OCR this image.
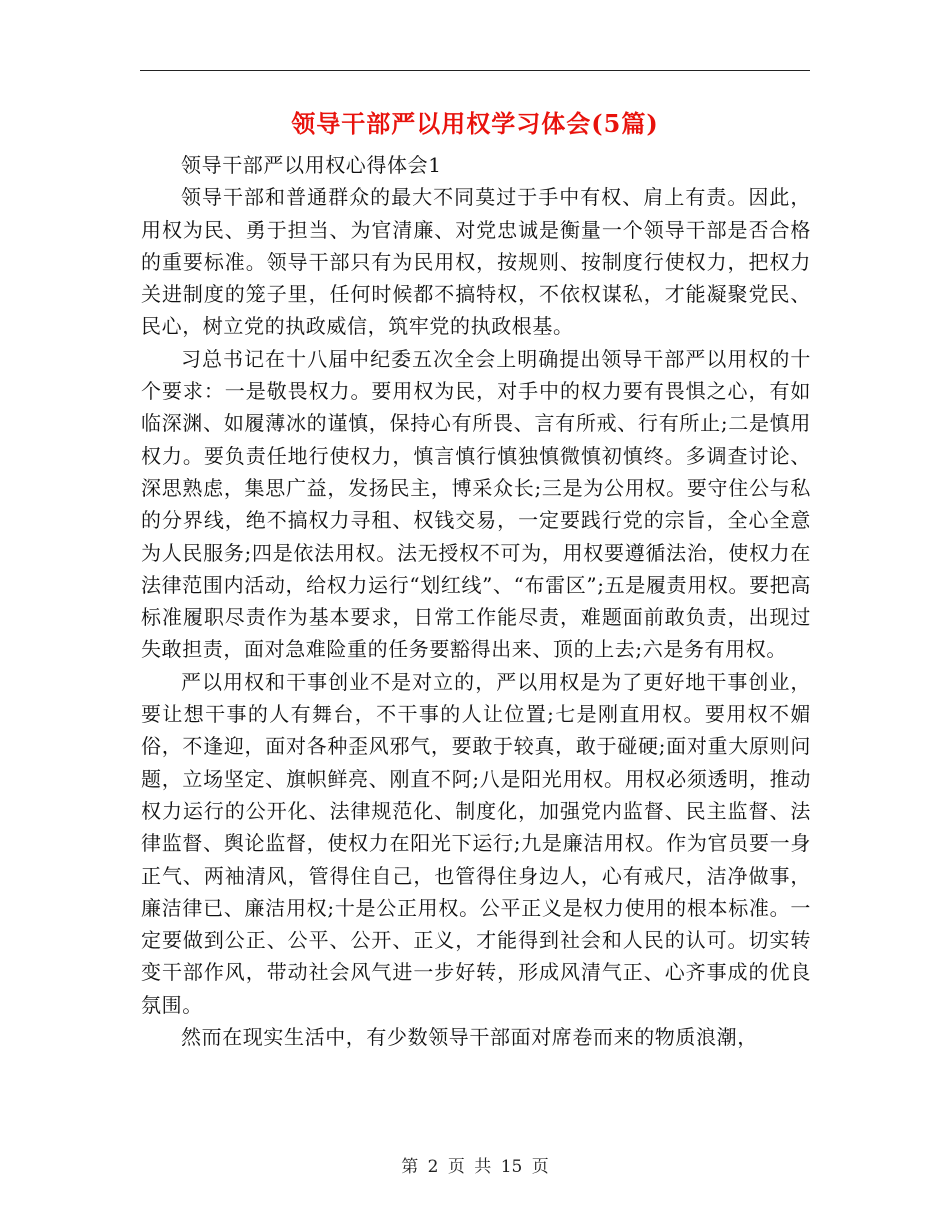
领导干部严以用权学习体会(5篇)

领导干部严以用权心得体会1

领导干部和普通群众的最大不同莫过于手中有权、肩上有责。因此，用权为民、勇于担当、为官清廉、对党忠诚是衡量一个领导干部是否合格的重要标准。领导干部只有为民用权，按规则、按制度行使权力，把权力关进制度的笼子里，任何时候都不搞特权，不依权谋私，才能凝聚党民、民心，树立党的执政威信，筑牢党的执政根基。

习总书记在十八届中纪委五次全会上明确提出领导干部严以用权的十个要求：一是敬畏权力。要用权为民，对手中的权力要有畏惧之心，有如临深渊、如履薄冰的谨慎，保持心有所畏、言有所戒、行有所止;二是慎用权力。要负责任地行使权力，慎言慎行慎独慎微慎初慎终。多调查讨论、深思熟虑，集思广益，发扬民主，博采众长;三是为公用权。要守住公与私的分界线，绝不搞权力寻租、权钱交易，一定要践行党的宗旨，全心全意为人民服务;四是依法用权。法无授权不可为，用权要遵循法治，使权力在法律范围内活动，给权力运行“划红线”、“布雷区”;五是履责用权。要把高标准履职尽责作为基本要求，日常工作能尽责，难题面前敢负责，出现过失敢担责，面对急难险重的任务要豁得出来、顶的上去;六是务有用权。

严以用权和干事创业不是对立的，严以用权是为了更好地干事创业，要让想干事的人有舞台，不干事的人让位置;七是刚直用权。要用权不媚俗，不逢迎，面对各种歪风邪气，要敢于较真，敢于碰硬;面对重大原则问题，立场坚定、旗帜鲜亮、刚直不阿;八是阳光用权。用权必须透明，推动权力运行的公开化、法律规范化、制度化，加强党内监督、民主监督、法律监督、舆论监督，使权力在阳光下运行;九是廉洁用权。作为官员要一身正气、两袖清风，管得住自己，也管得住身边人，心有戒尺，洁净做事，廉洁律已、廉洁用权;十是公正用权。公平正义是权力使用的根本标准。一定要做到公正、公平、公开、正义，才能得到社会和人民的认可。切实转变干部作风，带动社会风气进一步好转，形成风清气正、心齐事成的优良氛围。

然而在现实生活中，有少数领导干部面对席卷而来的物质浪潮，

第 2 页 共 15 页
